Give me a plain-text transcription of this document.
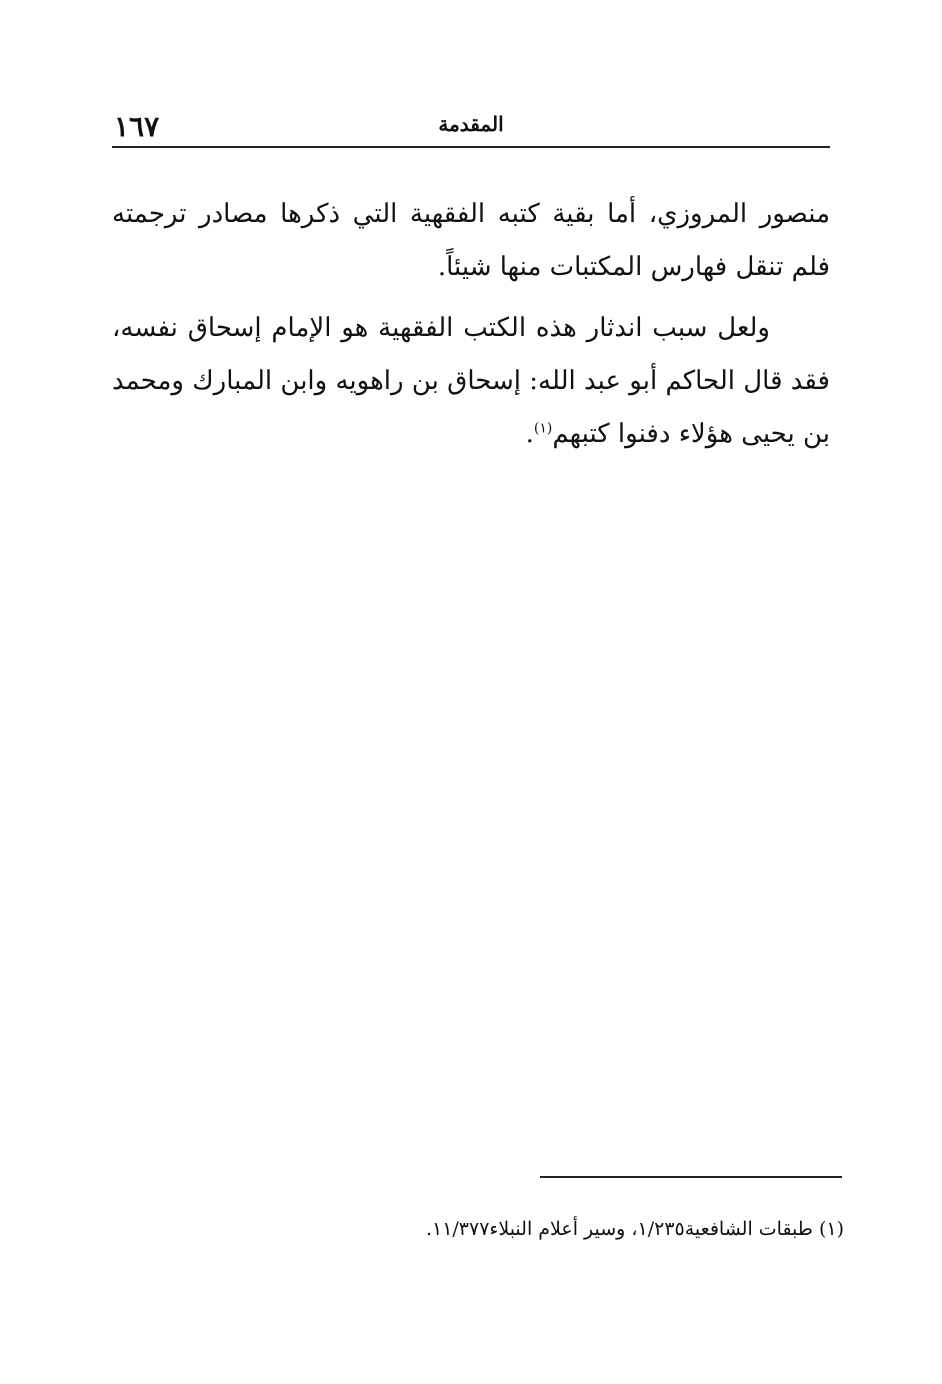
١٦٧	المقدمة

منصور المروزي، أما بقية كتبه الفقهية التي ذكرها مصادر ترجمته فلم تنقل فهارس المكتبات منها شيئاً.

ولعل سبب اندثار هذه الكتب الفقهية هو الإمام إسحاق نفسه، فقد قال الحاكم أبو عبد الله: إسحاق بن راهويه وابن المبارك ومحمد بن يحيى هؤلاء دفنوا كتبهم$^{(١)}$.

(١) طبقات الشافعية١/٢٣٥، وسير أعلام النبلاء١١/٣٧٧.
